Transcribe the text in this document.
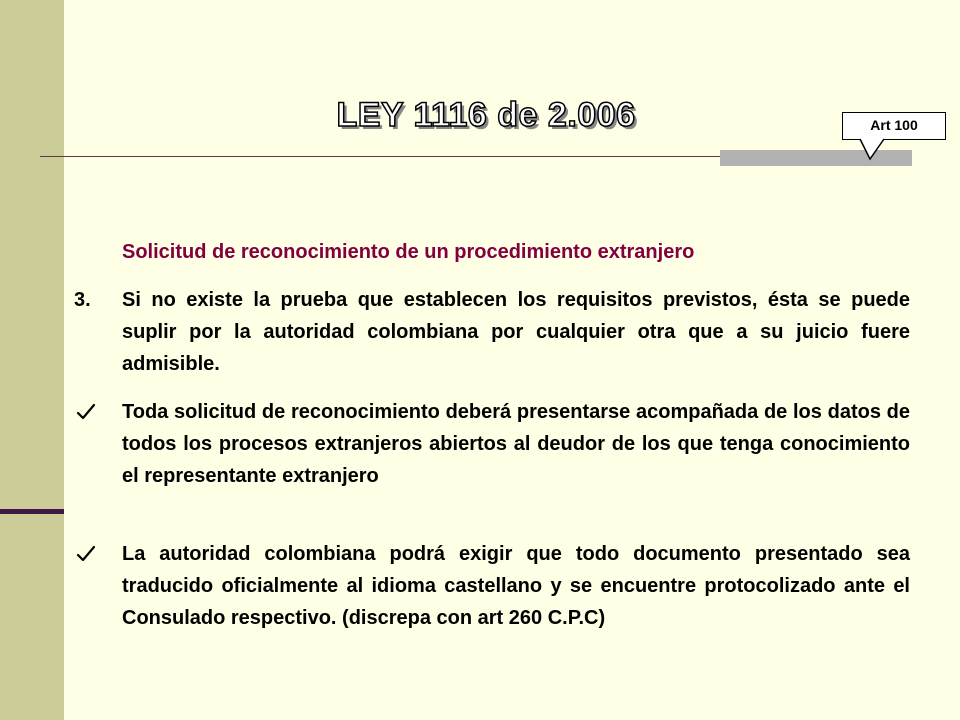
LEY 1116 de 2.006	Art 100
Solicitud de reconocimiento de un procedimiento extranjero
3. Si no existe la prueba que establecen los requisitos previstos, ésta se puede suplir por la autoridad colombiana por cualquier otra que a su juicio fuere admisible.
Toda solicitud de reconocimiento deberá presentarse acompañada de los datos de todos los procesos extranjeros abiertos al deudor de los que tenga conocimiento el representante extranjero
La autoridad colombiana podrá exigir que todo documento presentado sea traducido oficialmente al idioma castellano y se encuentre protocolizado ante el Consulado respectivo. (discrepa con art 260 C.P.C)
